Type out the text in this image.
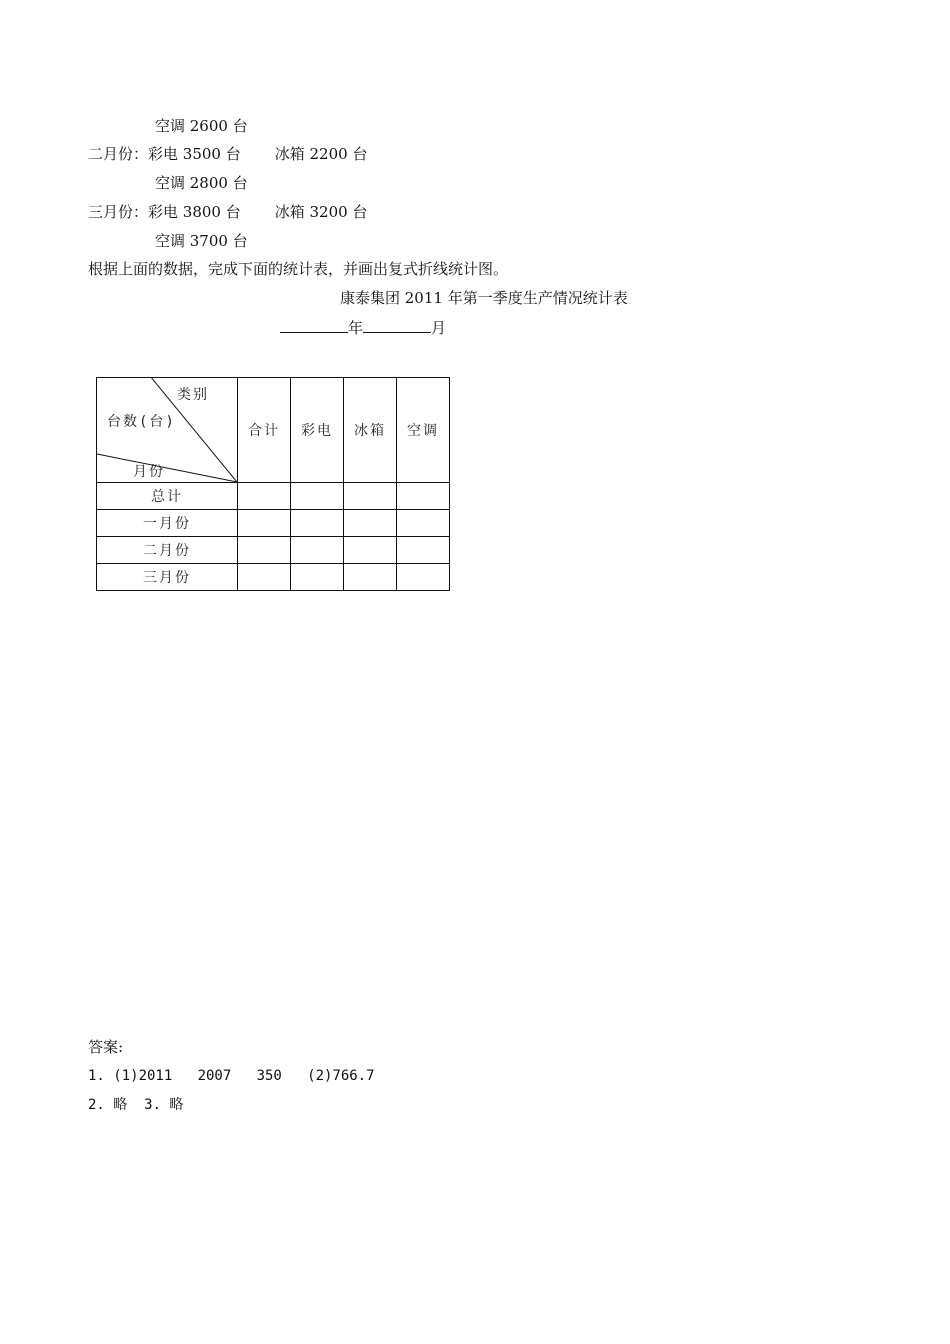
空调 2600 台
二月份：彩电 3500 台 冰箱 2200 台
空调 2800 台
三月份：彩电 3800 台 冰箱 3200 台
空调 3700 台
根据上面的数据，完成下面的统计表，并画出复式折线统计图。
康泰集团 2011 年第一季度生产情况统计表
年	月
类别
台数(台)
月份	合计	彩电	冰箱	空调
总计				
一月份				
二月份				
三月份				
答案:
1. (1)2011   2007   350   (2)766.7
2. 略  3. 略
